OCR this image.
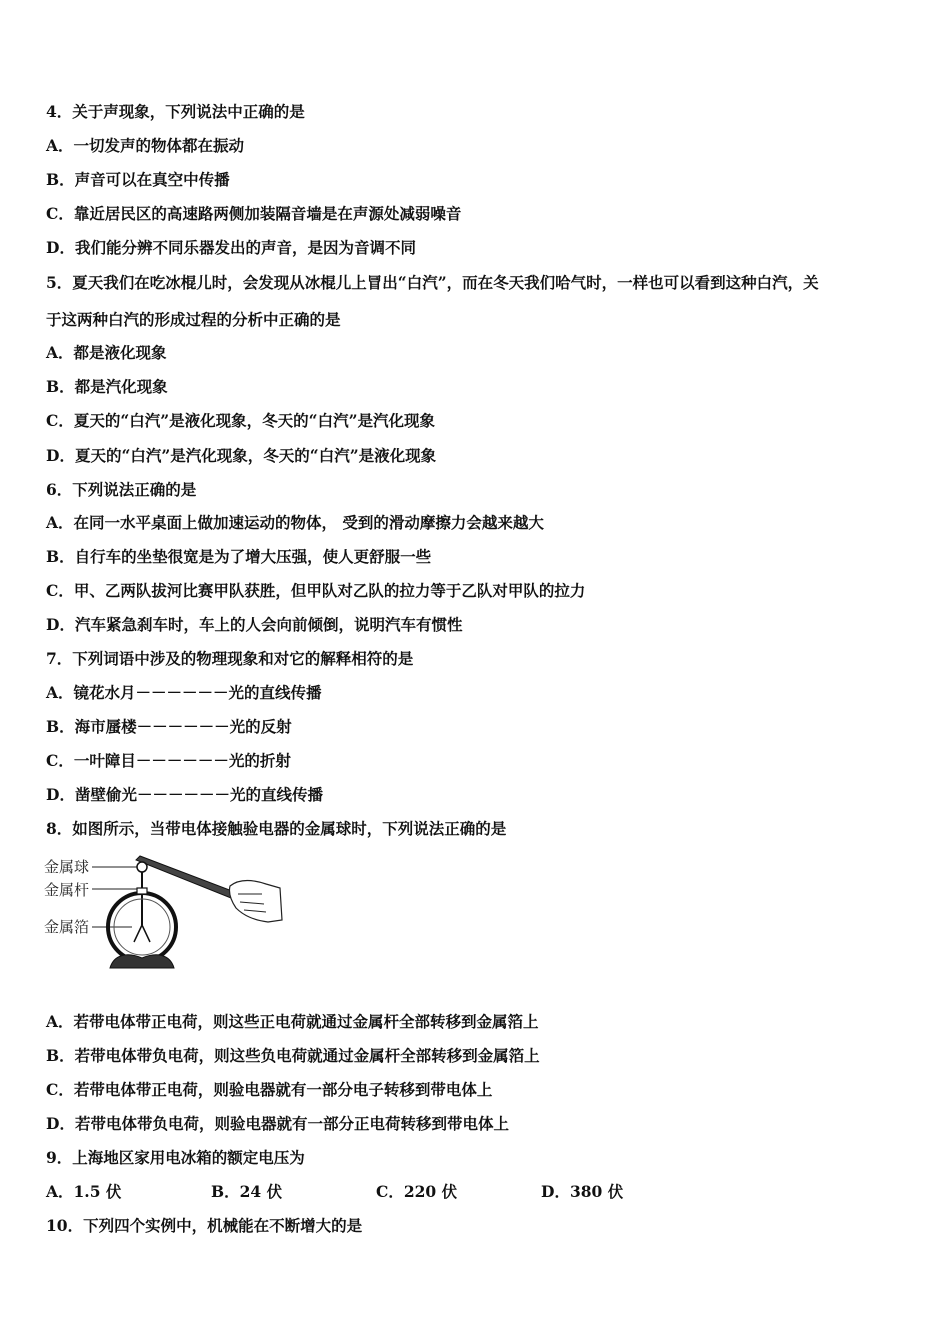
4．关于声现象，下列说法中正确的是
A．一切发声的物体都在振动
B．声音可以在真空中传播
C．靠近居民区的高速路两侧加装隔音墙是在声源处减弱噪音
D．我们能分辨不同乐器发出的声音，是因为音调不同
5．夏天我们在吃冰棍儿时，会发现从冰棍儿上冒出“白汽”，而在冬天我们哈气时，一样也可以看到这种白汽，关
于这两种白汽的形成过程的分析中正确的是
A．都是液化现象
B．都是汽化现象
C．夏天的“白汽”是液化现象，冬天的“白汽”是汽化现象
D．夏天的“白汽”是汽化现象，冬天的“白汽”是液化现象
6．下列说法正确的是
A．在同一水平桌面上做加速运动的物体， 受到的滑动摩擦力会越来越大
B．自行车的坐垫很宽是为了增大压强，使人更舒服一些
C．甲、乙两队拔河比赛甲队获胜，但甲队对乙队的拉力等于乙队对甲队的拉力
D．汽车紧急刹车时，车上的人会向前倾倒，说明汽车有惯性
7．下列词语中涉及的物理现象和对它的解释相符的是
A．镜花水月－－－－－－光的直线传播
B．海市蜃楼－－－－－－光的反射
C．一叶障目－－－－－－光的折射
D．凿壁偷光－－－－－－光的直线传播
8．如图所示，当带电体接触验电器的金属球时，下列说法正确的是
金属球
金属杆
金属箔
A．若带电体带正电荷，则这些正电荷就通过金属杆全部转移到金属箔上
B．若带电体带负电荷，则这些负电荷就通过金属杆全部转移到金属箔上
C．若带电体带正电荷，则验电器就有一部分电子转移到带电体上
D．若带电体带负电荷，则验电器就有一部分正电荷转移到带电体上
9．上海地区家用电冰箱的额定电压为
A．1.5 伏	B．24 伏	C．220 伏	D．380 伏
10．下列四个实例中，机械能在不断增大的是
